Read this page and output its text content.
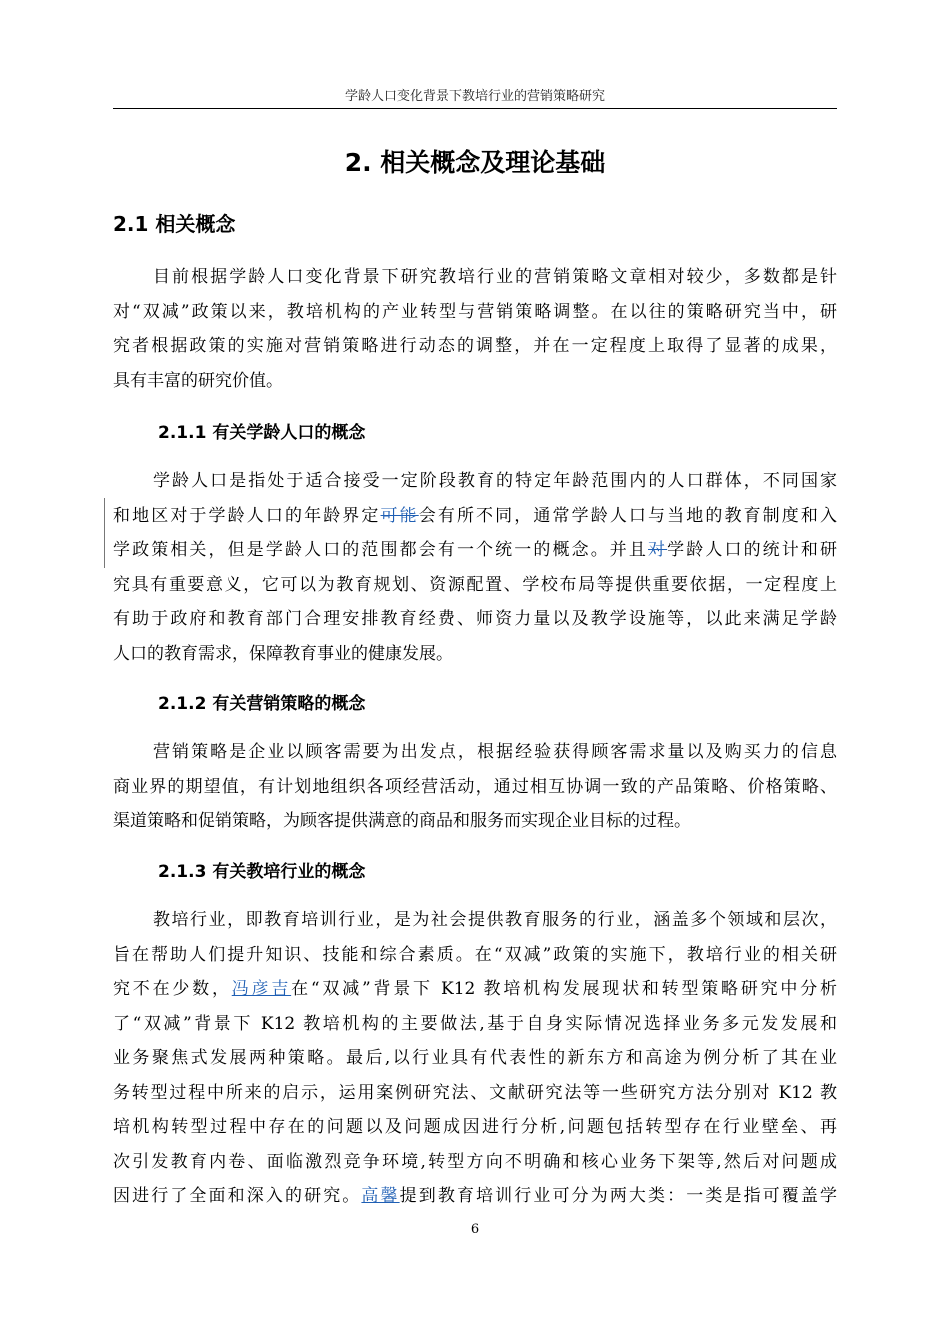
学龄人口变化背景下教培行业的营销策略研究
2. 相关概念及理论基础
2.1 相关概念
目前根据学龄人口变化背景下研究教培行业的营销策略文章相对较少，多数都是针
对“双减”政策以来，教培机构的产业转型与营销策略调整。在以往的策略研究当中，研
究者根据政策的实施对营销策略进行动态的调整，并在一定程度上取得了显著的成果，
具有丰富的研究价值。
2.1.1 有关学龄人口的概念
学龄人口是指处于适合接受一定阶段教育的特定年龄范围内的人口群体，不同国家
和地区对于学龄人口的年龄界定可能会有所不同，通常学龄人口与当地的教育制度和入
学政策相关，但是学龄人口的范围都会有一个统一的概念。并且对学龄人口的统计和研
究具有重要意义，它可以为教育规划、资源配置、学校布局等提供重要依据，一定程度上
有助于政府和教育部门合理安排教育经费、师资力量以及教学设施等，以此来满足学龄
人口的教育需求，保障教育事业的健康发展。
2.1.2 有关营销策略的概念
营销策略是企业以顾客需要为出发点，根据经验获得顾客需求量以及购买力的信息
商业界的期望值，有计划地组织各项经营活动，通过相互协调一致的产品策略、价格策略、
渠道策略和促销策略，为顾客提供满意的商品和服务而实现企业目标的过程。
2.1.3 有关教培行业的概念
教培行业，即教育培训行业，是为社会提供教育服务的行业，涵盖多个领域和层次，
旨在帮助人们提升知识、技能和综合素质。在“双减”政策的实施下，教培行业的相关研
究不在少数，冯彦吉在“双减”背景下 K12 教培机构发展现状和转型策略研究中分析
了“双减”背景下 K12 教培机构的主要做法,基于自身实际情况选择业务多元发发展和
业务聚焦式发展两种策略。最后,以行业具有代表性的新东方和高途为例分析了其在业
务转型过程中所来的启示，运用案例研究法、文献研究法等一些研究方法分别对 K12 教
培机构转型过程中存在的问题以及问题成因进行分析,问题包括转型存在行业壁垒、再
次引发教育内卷、面临激烈竞争环境,转型方向不明确和核心业务下架等,然后对问题成
因进行了全面和深入的研究。高馨提到教育培训行业可分为两大类：一类是指可覆盖学
6
